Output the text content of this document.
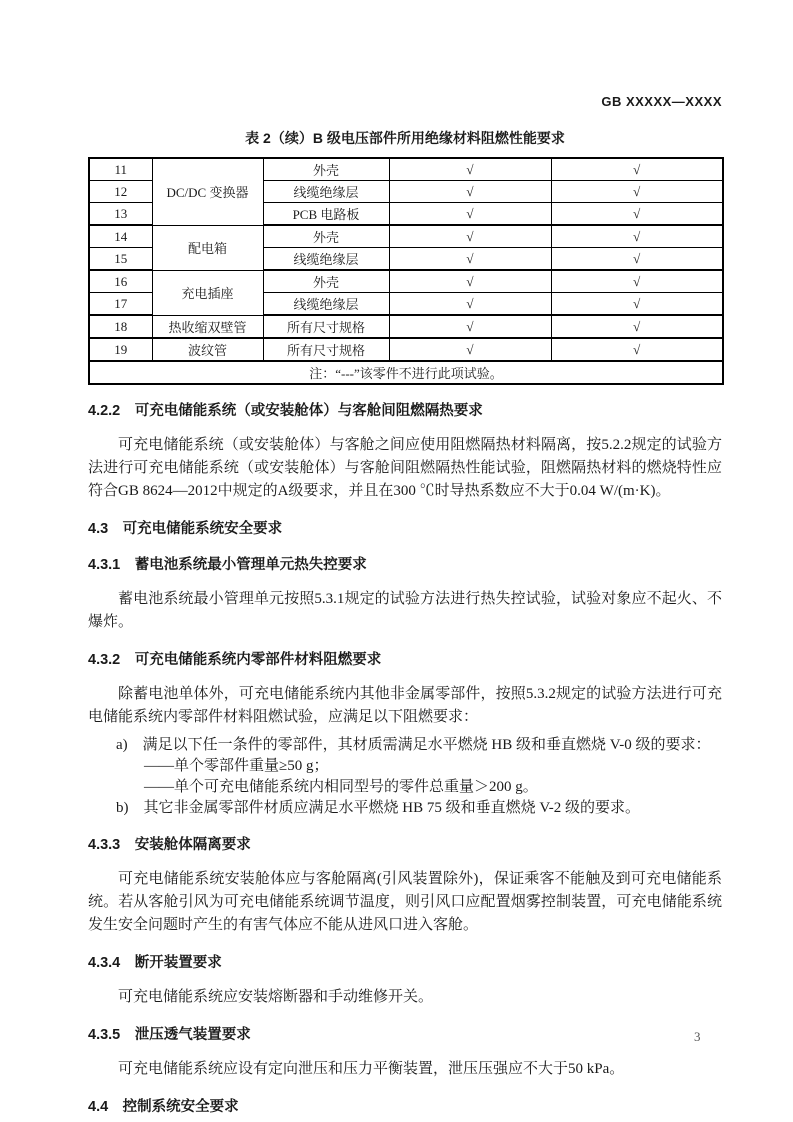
GB XXXXX—XXXX
表 2（续）B 级电压部件所用绝缘材料阻燃性能要求
11	DC/DC 变换器	外壳	√	√
12		线缆绝缘层	√	√
13		PCB 电路板	√	√
14	配电箱	外壳	√	√
15		线缆绝缘层	√	√
16	充电插座	外壳	√	√
17		线缆绝缘层	√	√
18	热收缩双壁管	所有尺寸规格	√	√
19	波纹管	所有尺寸规格	√	√
注：“---”该零件不进行此项试验。				
4.2.2　可充电储能系统（或安装舱体）与客舱间阻燃隔热要求

可充电储能系统（或安装舱体）与客舱之间应使用阻燃隔热材料隔离，按5.2.2规定的试验方法进行可充电储能系统（或安装舱体）与客舱间阻燃隔热性能试验，阻燃隔热材料的燃烧特性应符合GB 8624—2012中规定的A级要求，并且在300 ℃时导热系数应不大于0.04 W/(m·K)。

4.3　可充电储能系统安全要求
4.3.1　蓄电池系统最小管理单元热失控要求

蓄电池系统最小管理单元按照5.3.1规定的试验方法进行热失控试验，试验对象应不起火、不爆炸。

4.3.2　可充电储能系统内零部件材料阻燃要求

除蓄电池单体外，可充电储能系统内其他非金属零部件，按照5.3.2规定的试验方法进行可充电储能系统内零部件材料阻燃试验，应满足以下阻燃要求：

a)　满足以下任一条件的零部件，其材质需满足水平燃烧 HB 级和垂直燃烧 V-0 级的要求：
——单个零部件重量≥50 g；
——单个可充电储能系统内相同型号的零件总重量＞200 g。
b)　其它非金属零部件材质应满足水平燃烧 HB 75 级和垂直燃烧 V-2 级的要求。
4.3.3　安装舱体隔离要求

可充电储能系统安装舱体应与客舱隔离(引风装置除外)，保证乘客不能触及到可充电储能系统。若从客舱引风为可充电储能系统调节温度，则引风口应配置烟雾控制装置，可充电储能系统发生安全问题时产生的有害气体应不能从进风口进入客舱。

4.3.4　断开装置要求

可充电储能系统应安装熔断器和手动维修开关。

4.3.5　泄压透气装置要求

可充电储能系统应设有定向泄压和压力平衡装置，泄压压强应不大于50 kPa。

4.4　控制系统安全要求
3
